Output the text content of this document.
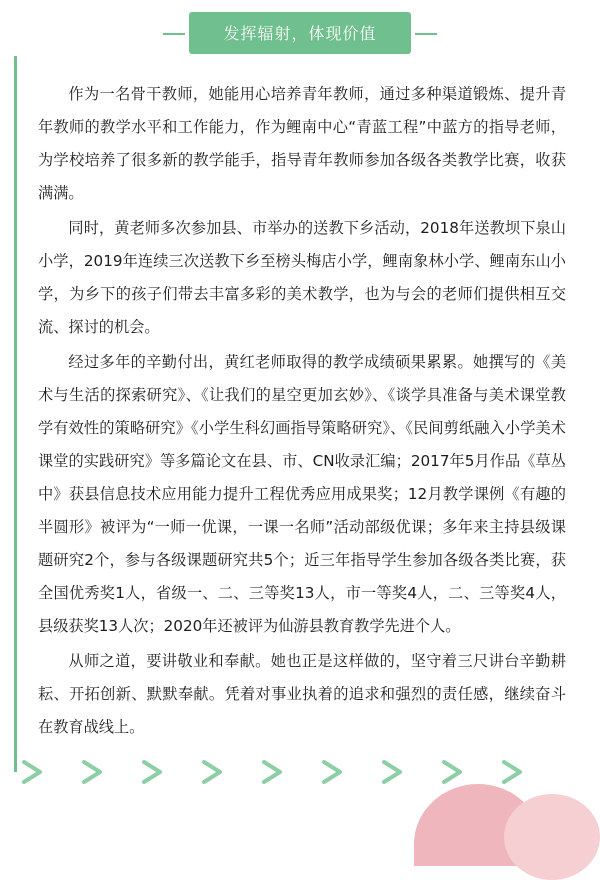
发挥辐射，体现价值

作为一名骨干教师，她能用心培养青年教师，通过多种渠道锻炼、提升青年教师的教学水平和工作能力，作为鲤南中心“青蓝工程”中蓝方的指导老师，为学校培养了很多新的教学能手，指导青年教师参加各级各类教学比赛，收获满满。

同时，黄老师多次参加县、市举办的送教下乡活动，2018年送教坝下泉山小学，2019年连续三次送教下乡至榜头梅店小学，鲤南象林小学、鲤南东山小学，为乡下的孩子们带去丰富多彩的美术教学，也为与会的老师们提供相互交流、探讨的机会。

经过多年的辛勤付出，黄红老师取得的教学成绩硕果累累。她撰写的《美术与生活的探索研究》、《让我们的星空更加玄妙》、《谈学具准备与美术课堂教学有效性的策略研究》《小学生科幻画指导策略研究》、《民间剪纸融入小学美术课堂的实践研究》等多篇论文在县、市、CN收录汇编；2017年5月作品《草丛中》获县信息技术应用能力提升工程优秀应用成果奖；12月教学课例《有趣的半圆形》被评为“一师一优课，一课一名师”活动部级优课；多年来主持县级课题研究2个，参与各级课题研究共5个；近三年指导学生参加各级各类比赛，获全国优秀奖1人，省级一、二、三等奖13人，市一等奖4人，二、三等奖4人，县级获奖13人次；2020年还被评为仙游县教育教学先进个人。

从师之道，要讲敬业和奉献。她也正是这样做的，坚守着三尺讲台辛勤耕耘、开拓创新、默默奉献。凭着对事业执着的追求和强烈的责任感，继续奋斗在教育战线上。
